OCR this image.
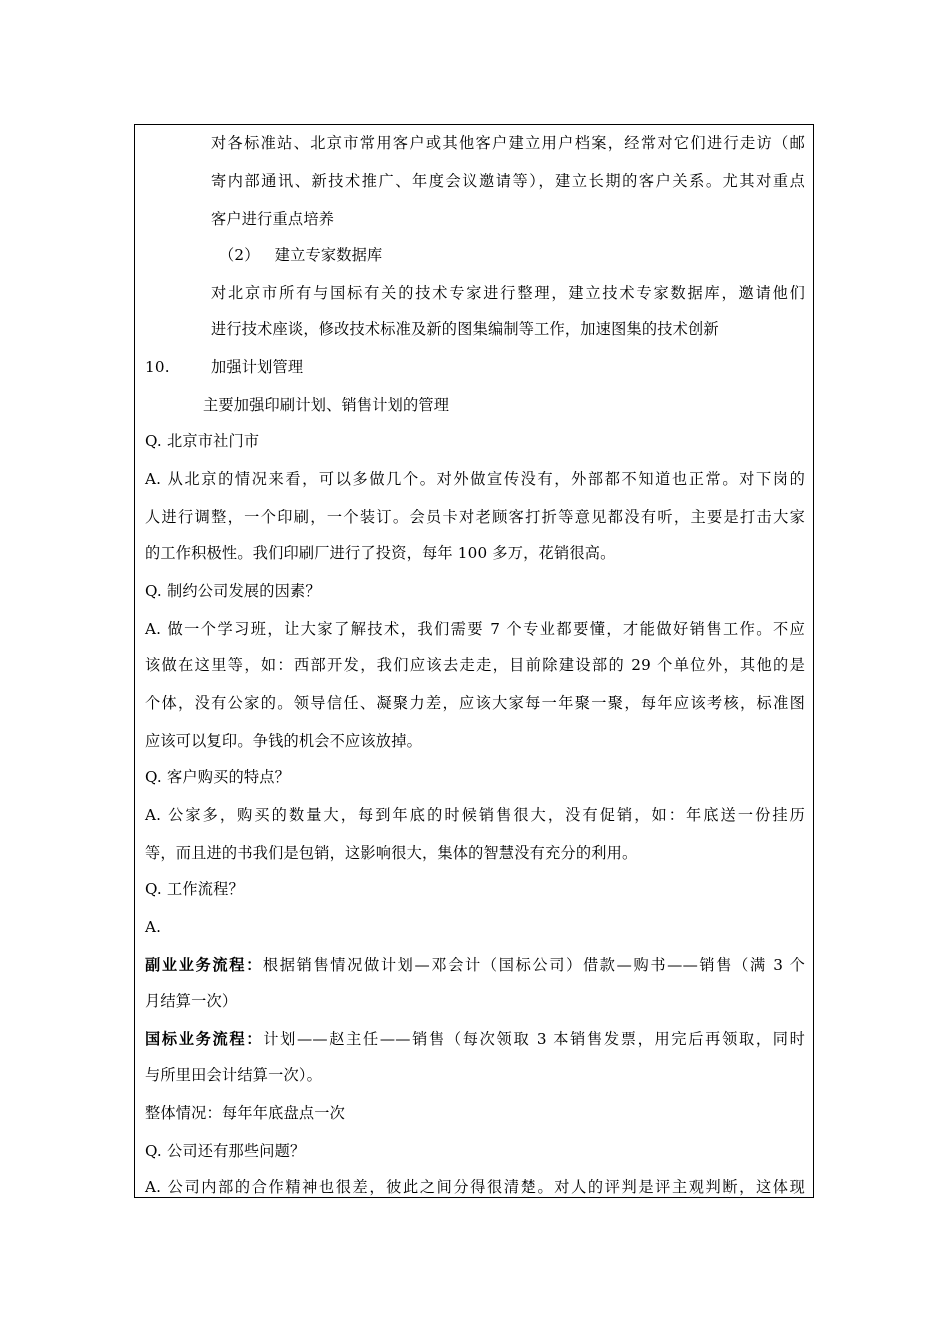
对各标准站、北京市常用客户或其他客户建立用户档案，经常对它们进行走访（邮
寄内部通讯、新技术推广、年度会议邀请等），建立长期的客户关系。尤其对重点
客户进行重点培养
（2）   建立专家数据库
对北京市所有与国标有关的技术专家进行整理，建立技术专家数据库，邀请他们
进行技术座谈，修改技术标准及新的图集编制等工作，加速图集的技术创新
10.	加强计划管理
主要加强印刷计划、销售计划的管理
Q. 北京市社门市
A. 从北京的情况来看，可以多做几个。对外做宣传没有，外部都不知道也正常。对下岗的
人进行调整，一个印刷，一个装订。会员卡对老顾客打折等意见都没有听，主要是打击大家
的工作积极性。我们印刷厂进行了投资，每年 100 多万，花销很高。
Q. 制约公司发展的因素？
A. 做一个学习班，让大家了解技术，我们需要 7 个专业都要懂，才能做好销售工作。不应
该做在这里等，如：西部开发，我们应该去走走，目前除建设部的 29 个单位外，其他的是
个体，没有公家的。领导信任、凝聚力差，应该大家每一年聚一聚，每年应该考核，标准图
应该可以复印。争钱的机会不应该放掉。
Q. 客户购买的特点？
A. 公家多，购买的数量大，每到年底的时候销售很大，没有促销，如：年底送一份挂历
等，而且进的书我们是包销，这影响很大，集体的智慧没有充分的利用。
Q. 工作流程？
A.
副业业务流程：根据销售情况做计划—邓会计（国标公司）借款—购书——销售（满 3 个
月结算一次）
国标业务流程：计划——赵主任——销售（每次领取 3 本销售发票，用完后再领取，同时
与所里田会计结算一次）。
整体情况：每年年底盘点一次
Q. 公司还有那些问题？
A. 公司内部的合作精神也很差，彼此之间分得很清楚。对人的评判是评主观判断，这体现
